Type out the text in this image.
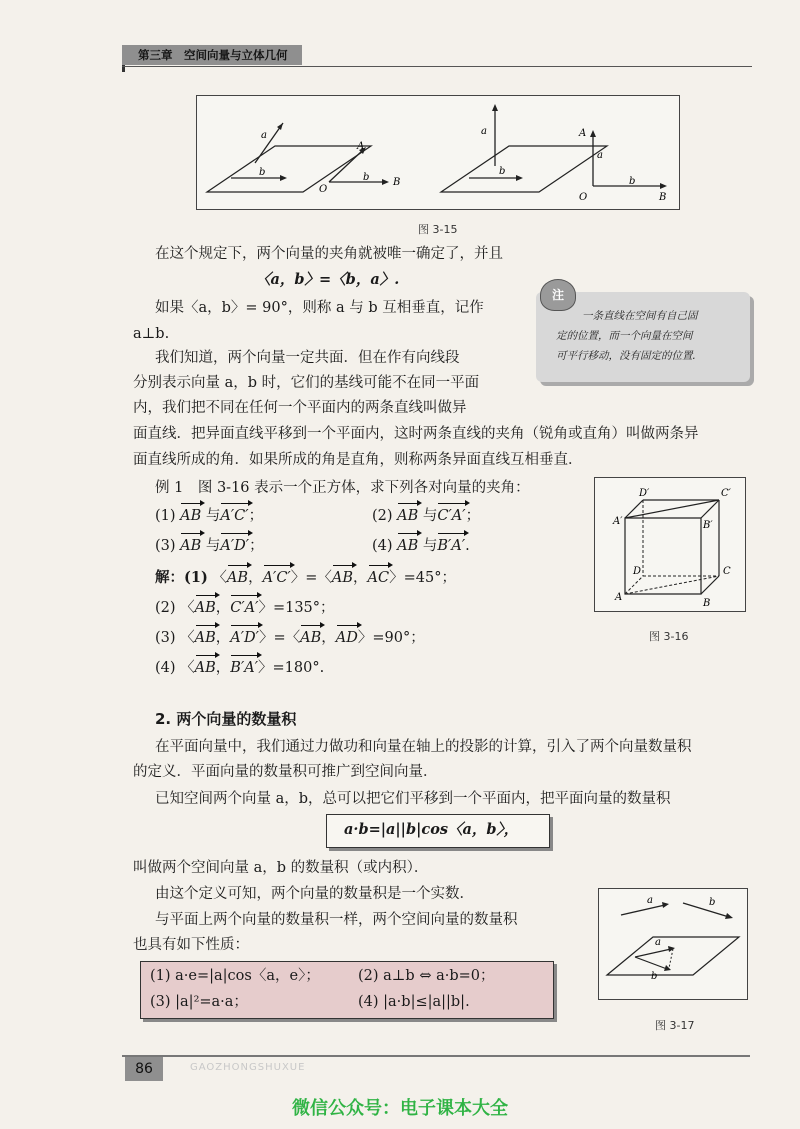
第三章　 空间向量与立体几何
a
b
A
O
b B
a
b
A
a
O
b
B
图 3-15
在这个规定下，两个向量的夹角就被唯一确定了，并且
〈a，b〉=〈b，a〉.
如果〈a，b〉= 90°，则称 a 与 b 互相垂直，记作
a⊥b.
注
一条直线在空间有自己固
定的位置，而一个向量在空间
可平行移动，没有固定的位置.
我们知道，两个向量一定共面．但在作有向线段
分别表示向量 a，b 时，它们的基线可能不在同一平面
内，我们把不同在任何一个平面内的两条直线叫做异
面直线．把异面直线平移到一个平面内，这时两条直线的夹角（锐角或直角）叫做两条异
面直线所成的角．如果所成的角是直角，则称两条异面直线互相垂直．
例 1　图 3-16 表示一个正方体，求下列各对向量的夹角：
(1) AB 与A′C′；	(2) AB 与C′A′；
(3) AB 与A′D′；	(4) AB 与B′A′.
解：(1) 〈AB，A′C′〉=〈AB，AC〉=45°；
(2) 〈AB，C′A′〉=135°；
(3) 〈AB，A′D′〉=〈AB，AD〉=90°；
(4) 〈AB，B′A′〉=180°.
D′	C′
A′	B′
D	C
A
B
图 3-16
2. 两个向量的数量积
在平面向量中，我们通过力做功和向量在轴上的投影的计算，引入了两个向量数量积
的定义．平面向量的数量积可推广到空间向量．
已知空间两个向量 a，b，总可以把它们平移到一个平面内，把平面向量的数量积
a·b=|a||b|cos〈a，b〉，
叫做两个空间向量 a，b 的数量积（或内积）．
由这个定义可知，两个向量的数量积是一个实数．
与平面上两个向量的数量积一样，两个空间向量的数量积
也具有如下性质：
(1) a·e=|a|cos〈a，e〉；	(2) a⊥b ⇔ a·b=0；
(3) |a|²=a·a；	(4) |a·b|≤|a||b|.
a	b
a
b
图 3-17
86	GAOZHONGSHUXUE
微信公众号：电子课本大全
